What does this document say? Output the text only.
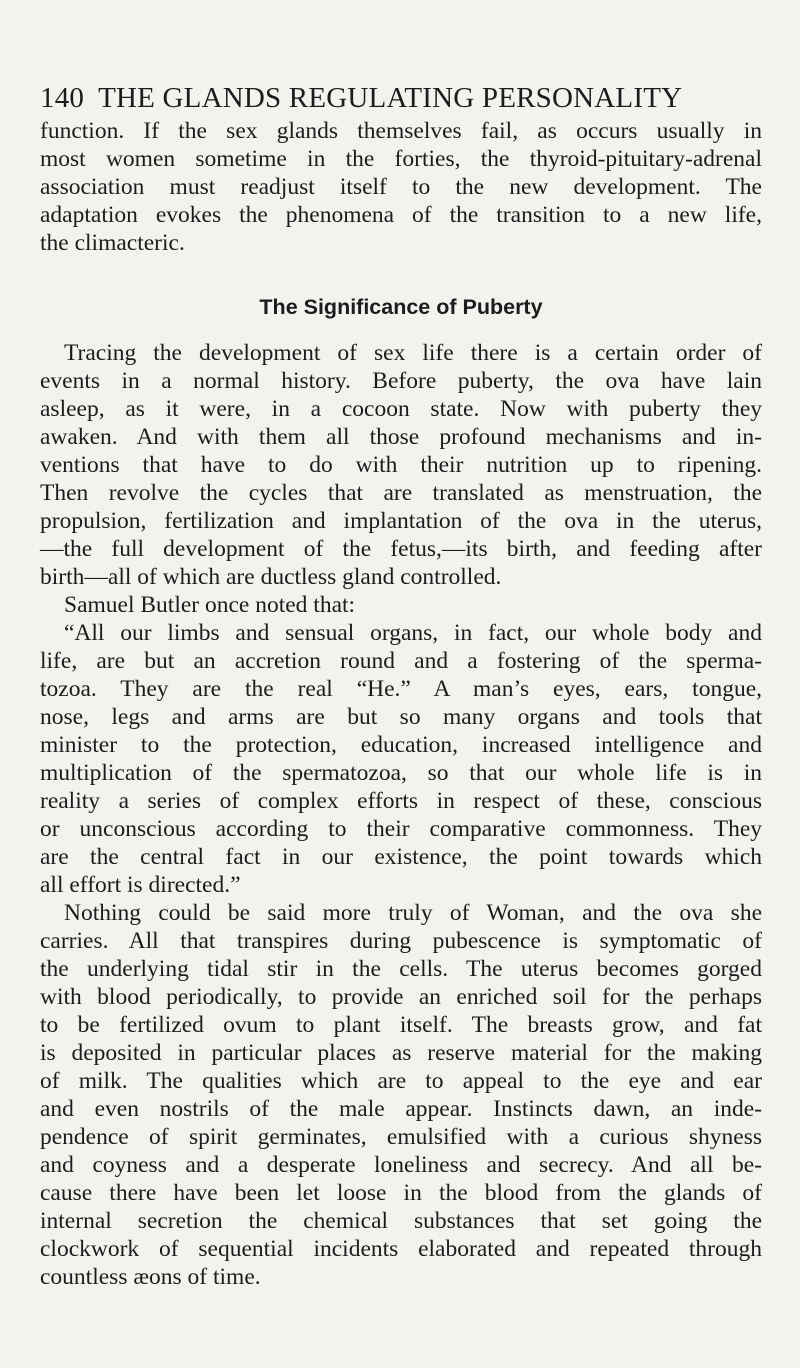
140 THE GLANDS REGULATING PERSONALITY
function. If the sex glands themselves fail, as occurs usually in
most women sometime in the forties, the thyroid-pituitary-adrenal
association must readjust itself to the new development. The
adaptation evokes the phenomena of the transition to a new life,
the climacteric.
The Significance of Puberty
Tracing the development of sex life there is a certain order of
events in a normal history. Before puberty, the ova have lain
asleep, as it were, in a cocoon state. Now with puberty they
awaken. And with them all those profound mechanisms and in-
ventions that have to do with their nutrition up to ripening.
Then revolve the cycles that are translated as menstruation, the
propulsion, fertilization and implantation of the ova in the uterus,
—the full development of the fetus,—its birth, and feeding after
birth—all of which are ductless gland controlled.
Samuel Butler once noted that:
“All our limbs and sensual organs, in fact, our whole body and
life, are but an accretion round and a fostering of the sperma-
tozoa. They are the real “He.” A man’s eyes, ears, tongue,
nose, legs and arms are but so many organs and tools that
minister to the protection, education, increased intelligence and
multiplication of the spermatozoa, so that our whole life is in
reality a series of complex efforts in respect of these, conscious
or unconscious according to their comparative commonness. They
are the central fact in our existence, the point towards which
all effort is directed.”
Nothing could be said more truly of Woman, and the ova she
carries. All that transpires during pubescence is symptomatic of
the underlying tidal stir in the cells. The uterus becomes gorged
with blood periodically, to provide an enriched soil for the perhaps
to be fertilized ovum to plant itself. The breasts grow, and fat
is deposited in particular places as reserve material for the making
of milk. The qualities which are to appeal to the eye and ear
and even nostrils of the male appear. Instincts dawn, an inde-
pendence of spirit germinates, emulsified with a curious shyness
and coyness and a desperate loneliness and secrecy. And all be-
cause there have been let loose in the blood from the glands of
internal secretion the chemical substances that set going the
clockwork of sequential incidents elaborated and repeated through
countless æons of time.
